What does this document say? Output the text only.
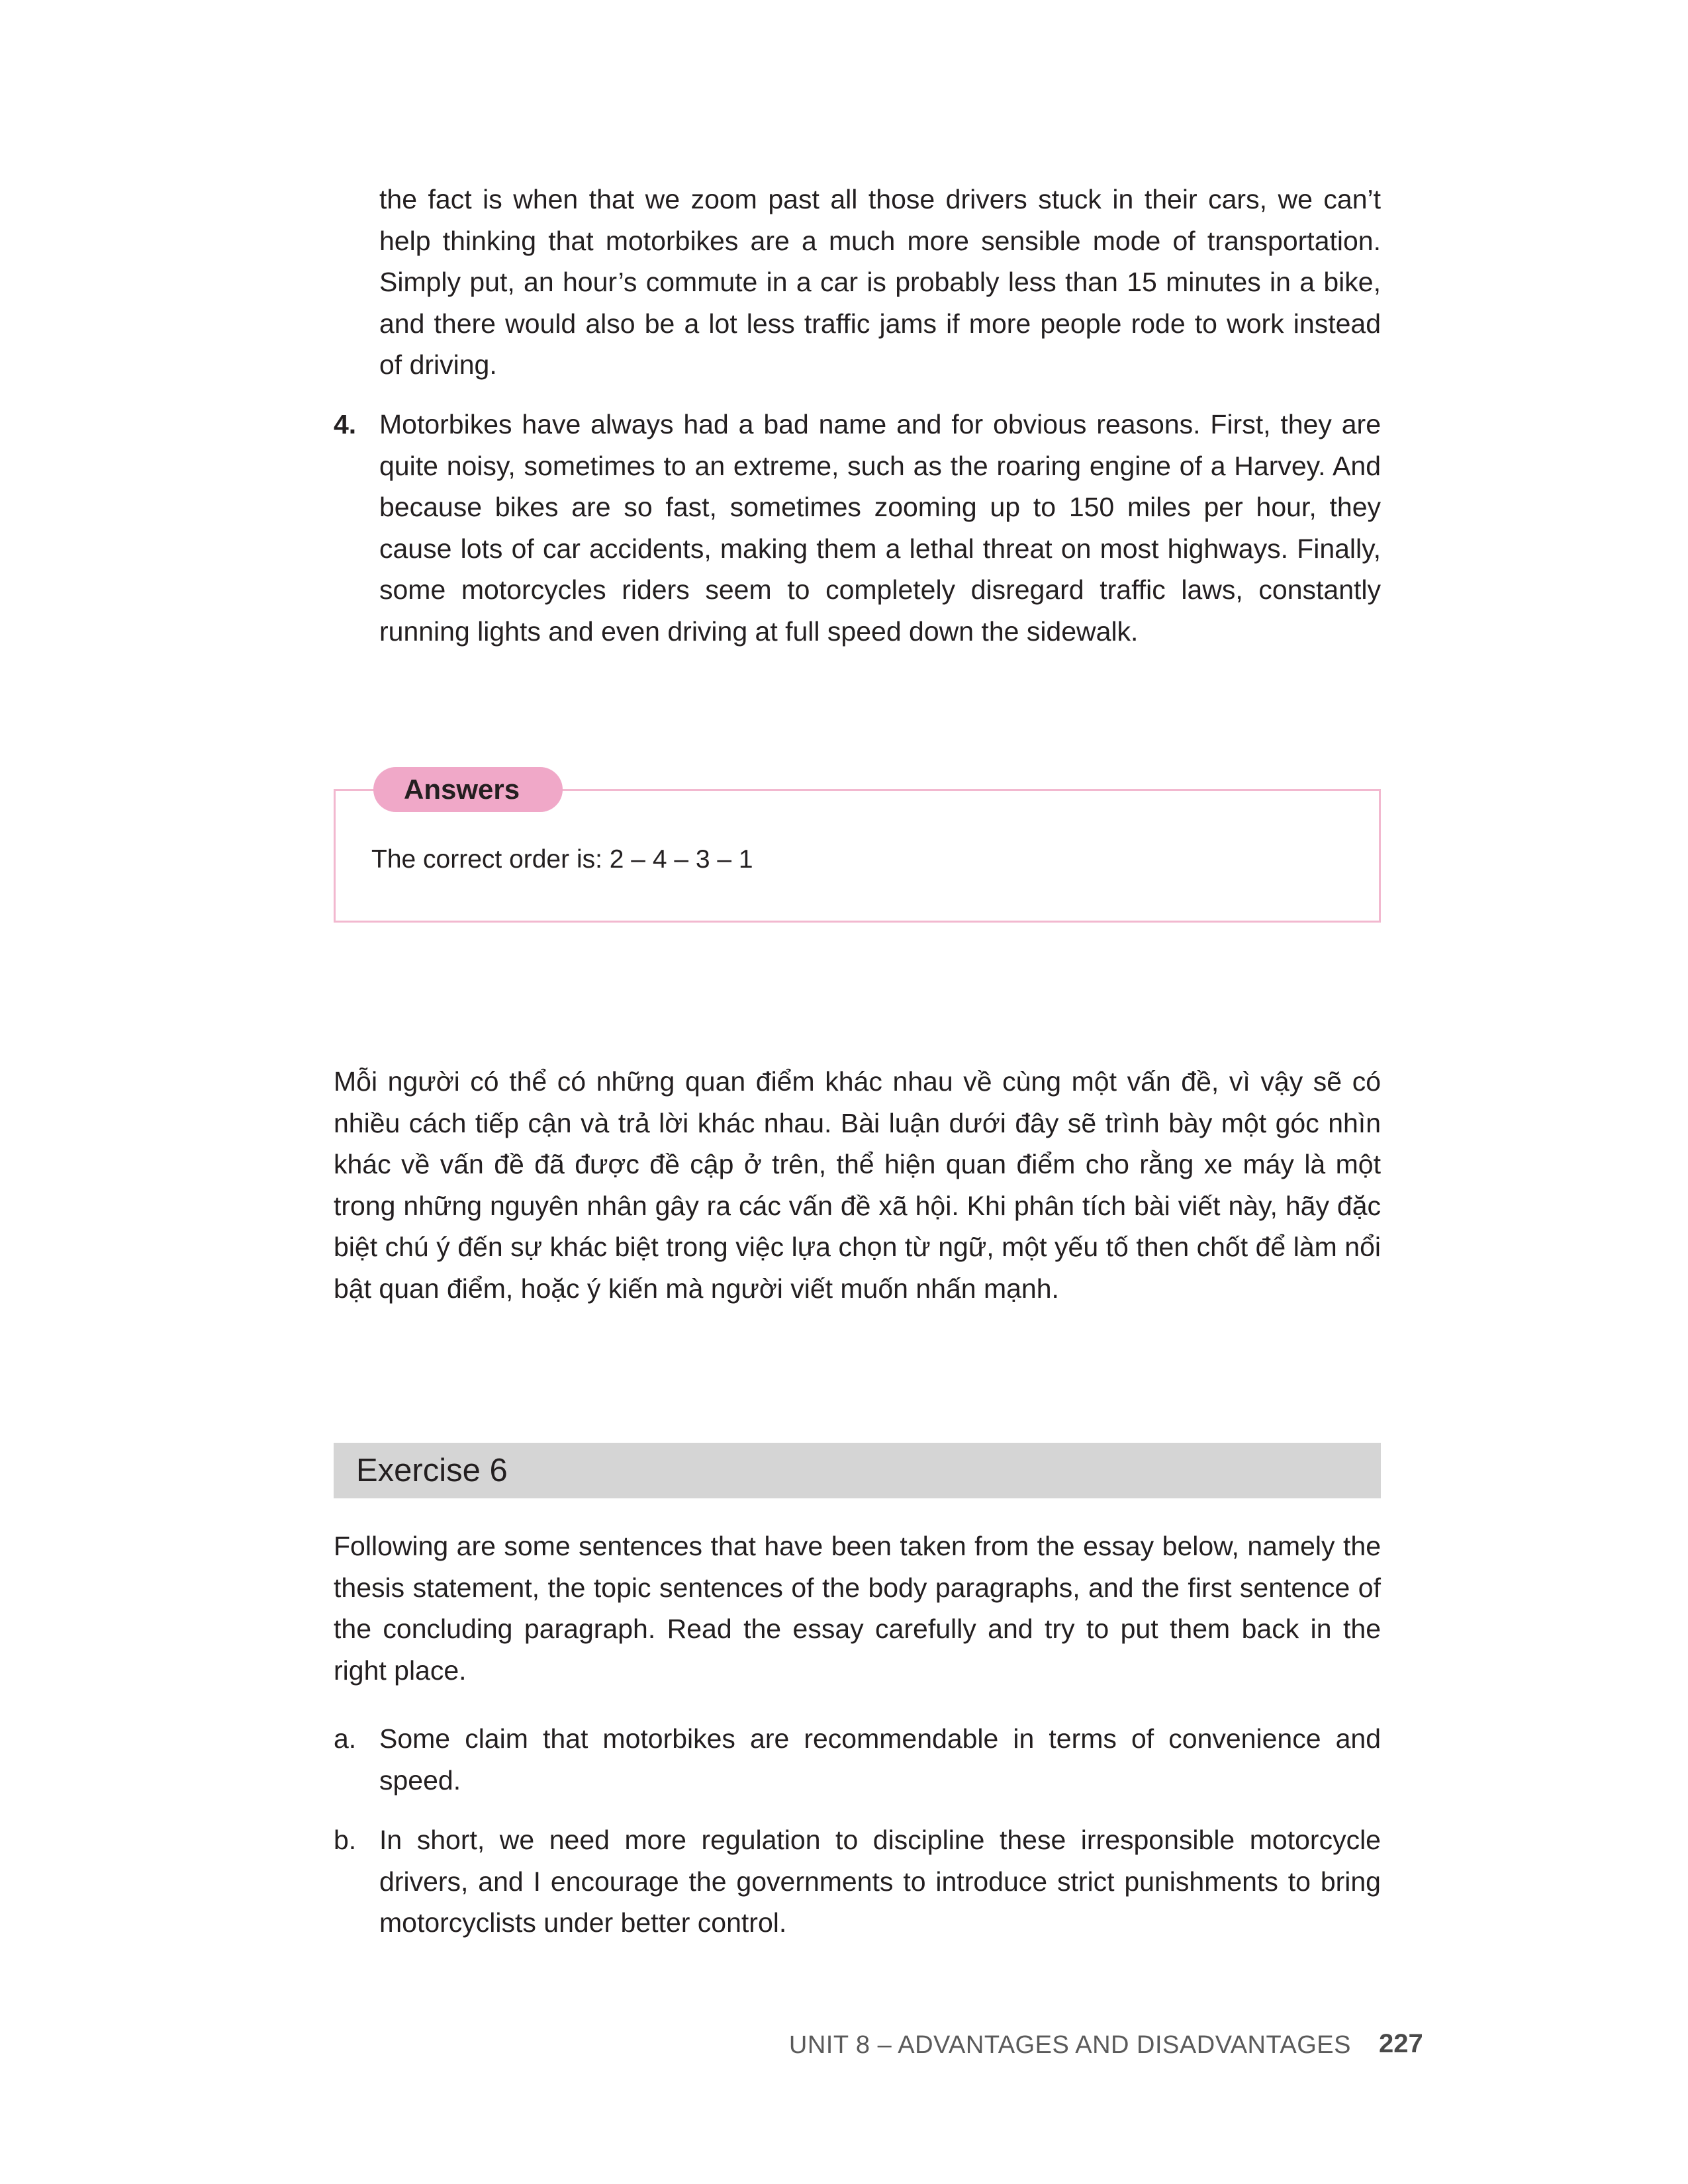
the fact is when that we zoom past all those drivers stuck in their cars, we can’t help thinking that motorbikes are a much more sensible mode of transportation. Simply put, an hour’s commute in a car is probably less than 15 minutes in a bike, and there would also be a lot less traffic jams if more people rode to work instead of driving.

4. Motorbikes have always had a bad name and for obvious reasons. First, they are quite noisy, sometimes to an extreme, such as the roaring engine of a Harvey. And because bikes are so fast, sometimes zooming up to 150 miles per hour, they cause lots of car accidents, making them a lethal threat on most highways. Finally, some motorcycles riders seem to completely disregard traffic laws, constantly running lights and even driving at full speed down the sidewalk.

Answers
The correct order is: 2 – 4 – 3 – 1

Mỗi người có thể có những quan điểm khác nhau về cùng một vấn đề, vì vậy sẽ có nhiều cách tiếp cận và trả lời khác nhau. Bài luận dưới đây sẽ trình bày một góc nhìn khác về vấn đề đã được đề cập ở trên, thể hiện quan điểm cho rằng xe máy là một trong những nguyên nhân gây ra các vấn đề xã hội. Khi phân tích bài viết này, hãy đặc biệt chú ý đến sự khác biệt trong việc lựa chọn từ ngữ, một yếu tố then chốt để làm nổi bật quan điểm, hoặc ý kiến mà người viết muốn nhấn mạnh.

Exercise 6

Following are some sentences that have been taken from the essay below, namely the thesis statement, the topic sentences of the body paragraphs, and the first sentence of the concluding paragraph. Read the essay carefully and try to put them back in the right place.

a. Some claim that motorbikes are recommendable in terms of convenience and speed.

b. In short, we need more regulation to discipline these irresponsible motorcycle drivers, and I encourage the governments to introduce strict punishments to bring motorcyclists under better control.

UNIT 8 – ADVANTAGES AND DISADVANTAGES 227
